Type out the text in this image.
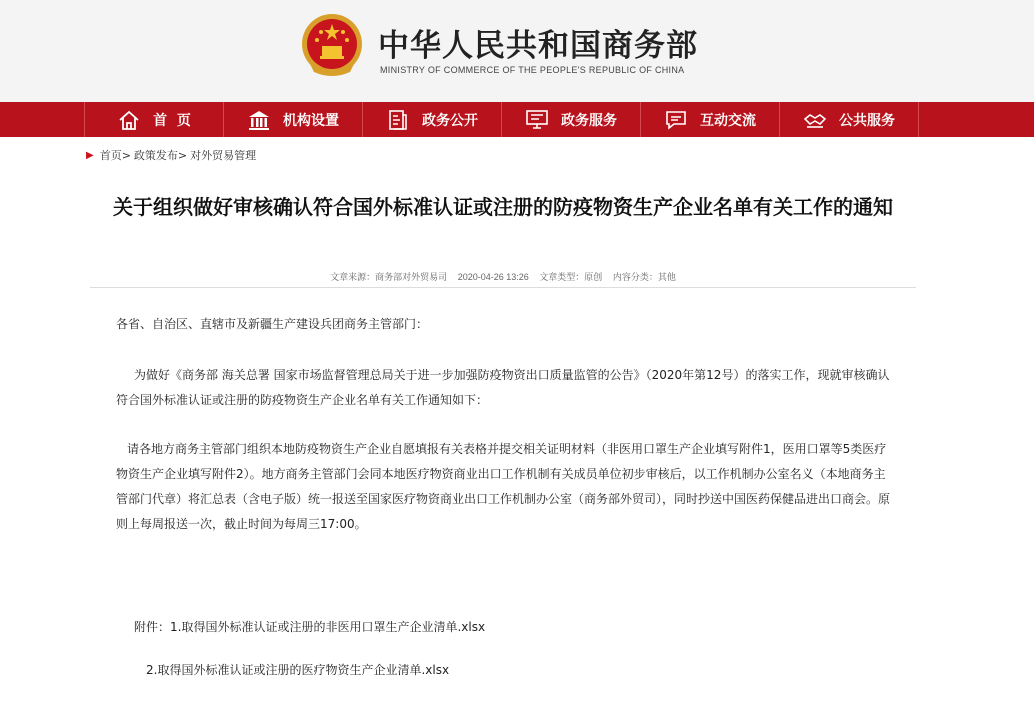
中华人民共和国商务部
MINISTRY OF COMMERCE OF THE PEOPLE'S REPUBLIC OF CHINA
首  页	机构设置	政务公开	政务服务	互动交流	公共服务
▶ 首页 > 政策发布 > 对外贸易管理
关于组织做好审核确认符合国外标准认证或注册的防疫物资生产企业名单有关工作的通知
文章来源：商务部对外贸易司 2020-04-26 13:26 文章类型：原创 内容分类：其他
各省、自治区、直辖市及新疆生产建设兵团商务主管部门：
为做好《商务部 海关总署 国家市场监督管理总局关于进一步加强防疫物资出口质量监管的公告》（2020年第12号）的落实工作，现就审核确认符合国外标准认证或注册的防疫物资生产企业名单有关工作通知如下：
请各地方商务主管部门组织本地防疫物资生产企业自愿填报有关表格并提交相关证明材料（非医用口罩生产企业填写附件1，医用口罩等5类医疗物资生产企业填写附件2）。地方商务主管部门会同本地医疗物资商业出口工作机制有关成员单位初步审核后，以工作机制办公室名义（本地商务主管部门代章）将汇总表（含电子版）统一报送至国家医疗物资商业出口工作机制办公室（商务部外贸司），同时抄送中国医药保健品进出口商会。原则上每周报送一次，截止时间为每周三17:00。
附件：1.取得国外标准认证或注册的非医用口罩生产企业清单.xlsx
2.取得国外标准认证或注册的医疗物资生产企业清单.xlsx
